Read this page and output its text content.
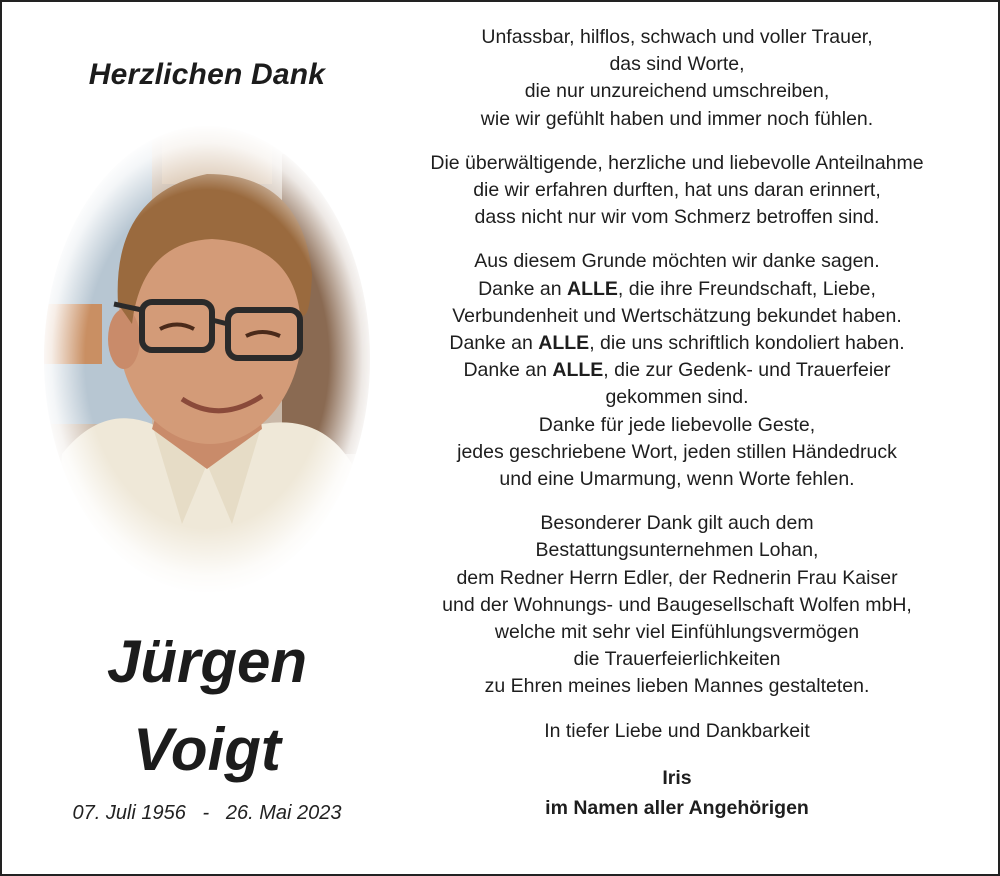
Herzlichen Dank
Jürgen
Voigt
07. Juli 1956 - 26. Mai 2023
Unfassbar, hilflos, schwach und voller Trauer,
das sind Worte,
die nur unzureichend umschreiben,
wie wir gefühlt haben und immer noch fühlen.
Die überwältigende, herzliche und liebevolle Anteilnahme
die wir erfahren durften, hat uns daran erinnert,
dass nicht nur wir vom Schmerz betroffen sind.
Aus diesem Grunde möchten wir danke sagen.
Danke an ALLE, die ihre Freundschaft, Liebe,
Verbundenheit und Wertschätzung bekundet haben.
Danke an ALLE, die uns schriftlich kondoliert haben.
Danke an ALLE, die zur Gedenk- und Trauerfeier
gekommen sind.
Danke für jede liebevolle Geste,
jedes geschriebene Wort, jeden stillen Händedruck
und eine Umarmung, wenn Worte fehlen.
Besonderer Dank gilt auch dem
Bestattungsunternehmen Lohan,
dem Redner Herrn Edler, der Rednerin Frau Kaiser
und der Wohnungs- und Baugesellschaft Wolfen mbH,
welche mit sehr viel Einfühlungsvermögen
die Trauerfeierlichkeiten
zu Ehren meines lieben Mannes gestalteten.

In tiefer Liebe und Dankbarkeit

Iris

im Namen aller Angehörigen
